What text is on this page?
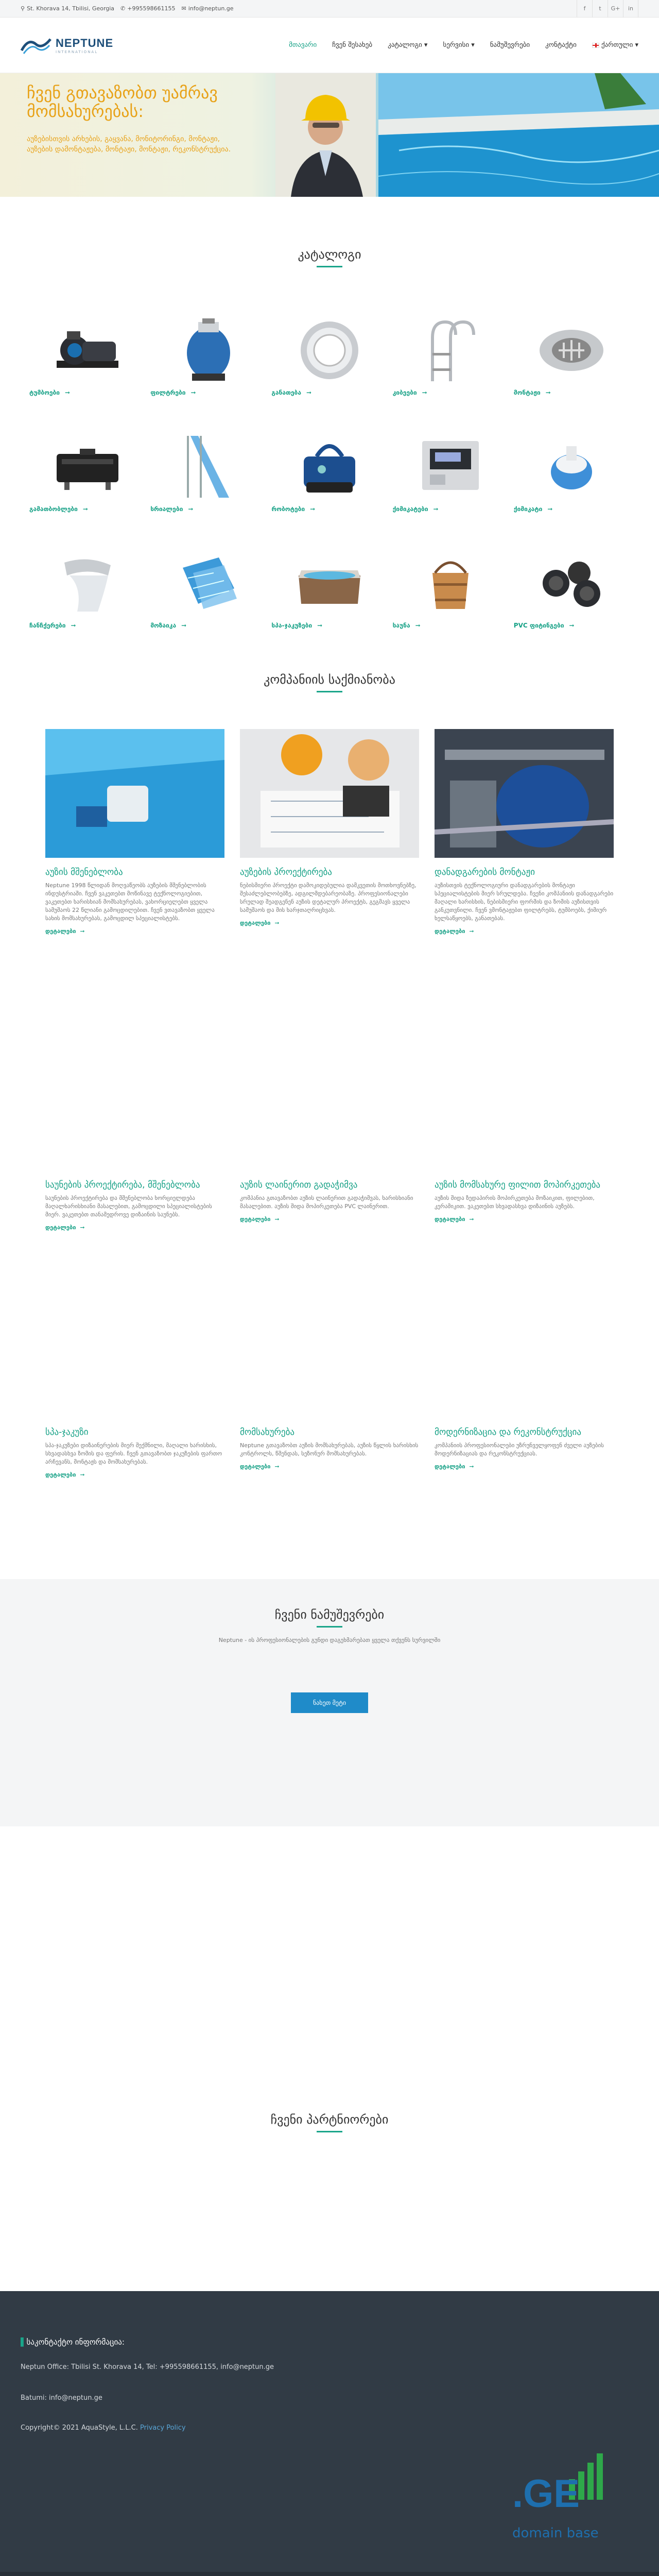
⚲ St. Khorava 14, Tbilisi, Georgia ✆ +995598661155 ✉ info@neptun.ge	f	t	G+	in
NEPTUNE
INTERNATIONAL
მთავარი ჩვენ შესახებ კატალოგი ▾ სერვისი ▾ ნამუშევრები კონტაქტი	ქართული ▾
ჩვენ გთავაზობთ უამრავ მომსახურებას:

აუზებისთვის არხების, გაყვანა, მონიტორინგი, მონტაჟი, აუზების დამონტაჟება, მონტაჟი, მონტაჟი, რეკონსტრუქცია.

კატალოგი
ტუმბოები ➞	ფილტრები ➞	განათება ➞	კიბეები ➞	მონტაჟი ➞
გამათბობლები ➞	სრიალები ➞	რობოტები ➞	ქიმიკატები ➞	ქიმიკატი ➞
ჩანჩქერები ➞	მოზაიკა ➞	სპა-ჯაკუზები ➞	საუნა ➞	PVC ფიტინგები ➞
კომპანიის საქმიანობა
აუზის მშენებლობა

Neptune 1998 წლიდან მოღვაწეობს აუზების მშენებლობის ინდუსტრიაში. ჩვენ ვაკეთებთ მოწინავე ტექნოლოგიებით, ვაკეთებთ ხარისხიან მომსახურებას, ვახორციელებთ ყველა სამუშაოს 22 წლიანი გამოცდილებით. ჩვენ ვთავაზობთ ყველა სახის მომსახურებას, გამოცდილ სპეციალისტებს.

დეტალები ➞
აუზების პროექტირება

ნებისმიერი პროექტი დამოკიდებულია დამკვეთის მოთხოვნებზე, შესაძლებლობებზე, ადგილმდებარეობაზე. პროფესიონალები სრულად შეადგენენ აუზის დეტალურ პროექტს, გეგმავს ყველა სამუშაოს და მის ხარჯთაღრიცხვას.

დეტალები ➞
დანადგარების მონტაჟი

აუზისთვის ტექნოლოგიური დანადგარების მონტაჟი სპეციალისტების მიერ სრულდება. ჩვენი კომპანიის დანადგარები მაღალი ხარისხის, ნებისმიერი ფორმის და ზომის აუზისთვის განკუთვნილი. ჩვენ ვმონტაჟებთ ფილტრებს, ტუმბოებს, ქიმიურ ხელსაწყოებს, განათებას.

დეტალები ➞
საუნების პროექტირება, მშენებლობა

საუნების პროექტირება და მშენებლობა ხორციელდება მაღალხარისხიანი მასალებით, გამოცდილი სპეციალისტების მიერ. ვაკეთებთ თანამედროვე დიზაინის საუნებს.

დეტალები ➞
აუზის ლაინერით გადაჭიმვა

კომპანია გთავაზობთ აუზის ლაინერით გადაჭიმვას, ხარისხიანი მასალებით. აუზის შიდა მოპირკეთება PVC ლაინერით.

დეტალები ➞
აუზის მომსახურე ფილით მოპირკეთება

აუზის შიდა ზედაპირის მოპირკეთება მოზაიკით, ფილებით, კერამიკით. ვაკეთებთ სხვადასხვა დიზაინის აუზებს.

დეტალები ➞
სპა-ჯაკუზი

სპა-ჯაკუზები დიზაინერების მიერ შექმნილი, მაღალი ხარისხის, სხვადასხვა ზომის და ფერის. ჩვენ გთავაზობთ ჯაკუზების ფართო არჩევანს, მონტაჟს და მომსახურებას.

დეტალები ➞
მომსახურება

Neptune გთავაზობთ აუზის მომსახურებას, აუზის წყლის ხარისხის კონტროლს, წმენდას, სეზონურ მომსახურებას.

დეტალები ➞
მოდერნიზაცია და რეკონსტრუქცია

კომპანიის პროფესიონალები უზრუნველყოფენ ძველი აუზების მოდერნიზაციას და რეკონსტრუქციას.

დეტალები ➞
ჩვენი ნამუშევრები

Neptune - ის პროფესიონალების გუნდი დაგეხმარებათ ყველა თქვენს სურვილში

ნახეთ მეტი
ჩვენი პარტნიორები
▌საკონტაქტო ინფორმაცია:
Neptun Office: Tbilisi St. Khorava 14, Tel: +995598661155, info@neptun.ge
Batumi: info@neptun.ge
Copyright© 2021 AquaStyle, L.L.C. Privacy Policy
.GE
domain base
